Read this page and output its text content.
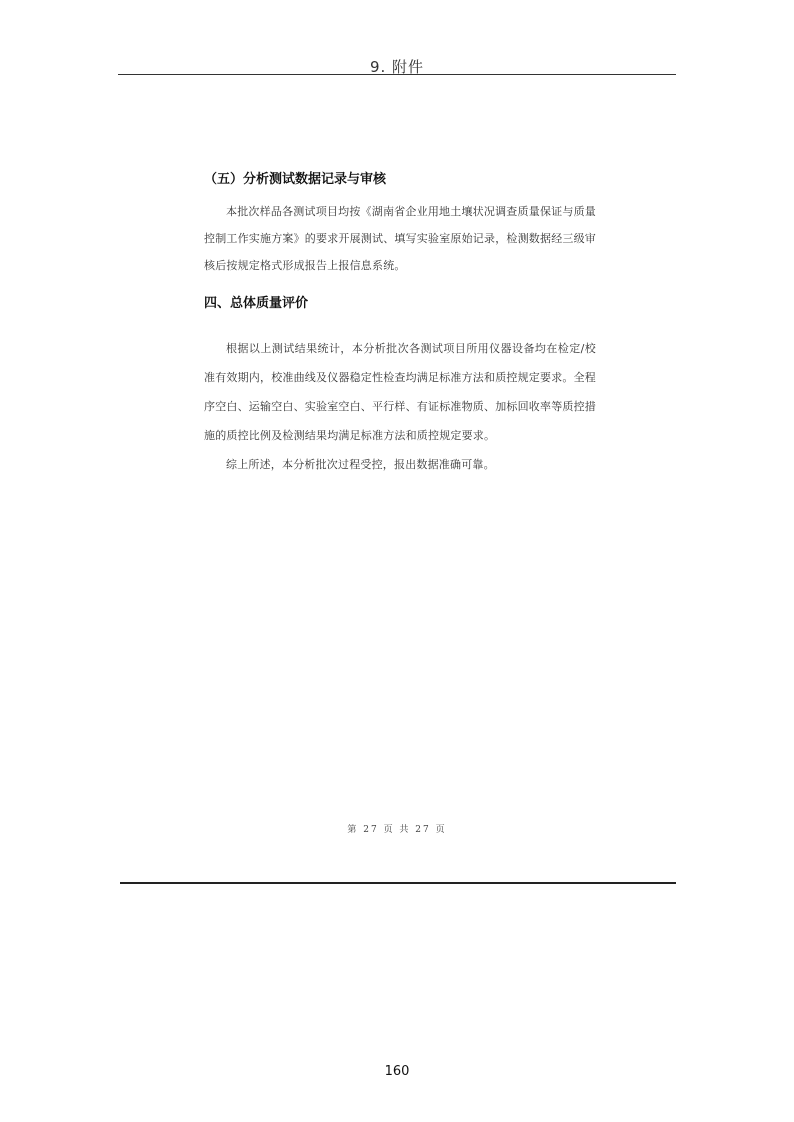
9. 附件
（五）分析测试数据记录与审核

本批次样品各测试项目均按《湖南省企业用地土壤状况调查质量保证与质量控制工作实施方案》的要求开展测试、填写实验室原始记录，检测数据经三级审核后按规定格式形成报告上报信息系统。

四、总体质量评价

根据以上测试结果统计，本分析批次各测试项目所用仪器设备均在检定/校准有效期内，校准曲线及仪器稳定性检查均满足标准方法和质控规定要求。全程序空白、运输空白、实验室空白、平行样、有证标准物质、加标回收率等质控措施的质控比例及检测结果均满足标准方法和质控规定要求。

综上所述，本分析批次过程受控，报出数据准确可靠。

第 27 页 共 27 页
160
